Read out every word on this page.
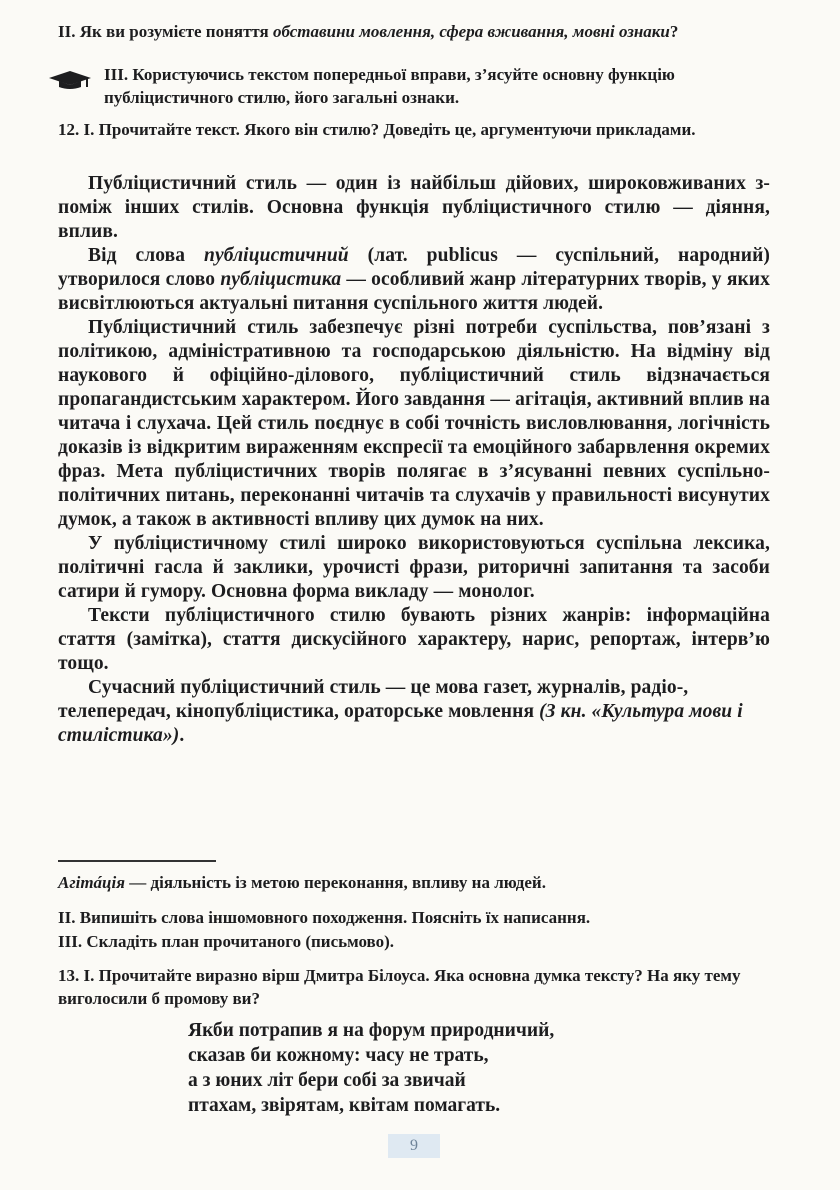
II. Як ви розумієте поняття обставини мовлення, сфера вживання, мовні ознаки?
III. Користуючись текстом попередньої вправи, з’ясуйте основну функцію публіцистичного стилю, його загальні ознаки.
12. І. Прочитайте текст. Якого він стилю? Доведіть це, аргументуючи прикладами.

Публіцистичний стиль — один із найбільш дійових, широковживаних з-поміж інших стилів. Основна функція публіцистичного стилю — діяння, вплив.

Від слова публіцистичний (лат. publicus — суспільний, народний) утворилося слово публіцистика — особливий жанр літературних творів, у яких висвітлюються актуальні питання суспільного життя людей.

Публіцистичний стиль забезпечує різні потреби суспільства, пов’язані з політикою, адміністративною та господарською діяльністю. На відміну від наукового й офіційно-ділового, публіцистичний стиль відзначається пропагандистським характером. Його завдання — агітація, активний вплив на читача і слухача. Цей стиль поєднує в собі точність висловлювання, логічність доказів із відкритим вираженням експресії та емоційного забарвлення окремих фраз. Мета публіцистичних творів полягає в з’ясуванні певних суспільно-політичних питань, переконанні читачів та слухачів у правильності висунутих думок, а також в активності впливу цих думок на них.

У публіцистичному стилі широко використовуються суспільна лексика, політичні гасла й заклики, урочисті фрази, риторичні запитання та засоби сатири й гумору. Основна форма викладу — монолог.

Тексти публіцистичного стилю бувають різних жанрів: інформаційна стаття (замітка), стаття дискусійного характеру, нарис, репортаж, інтерв’ю тощо.

Сучасний публіцистичний стиль — це мова газет, журналів, радіо-, телепередач, кінопубліцистика, ораторське мовлення (З кн. «Культура мови і стилістика»).

Агітáція — діяльність із метою переконання, впливу на людей.
II. Випишіть слова іншомовного походження. Поясніть їх написання.
III. Складіть план прочитаного (письмово).
13. І. Прочитайте виразно вірш Дмитра Білоуса. Яка основна думка тексту? На яку тему виголосили б промову ви?
Якби потрапив я на форум природничий,
сказав би кожному: часу не трать,
а з юних літ бери собі за звичай
птахам, звірятам, квітам помагать.
9
